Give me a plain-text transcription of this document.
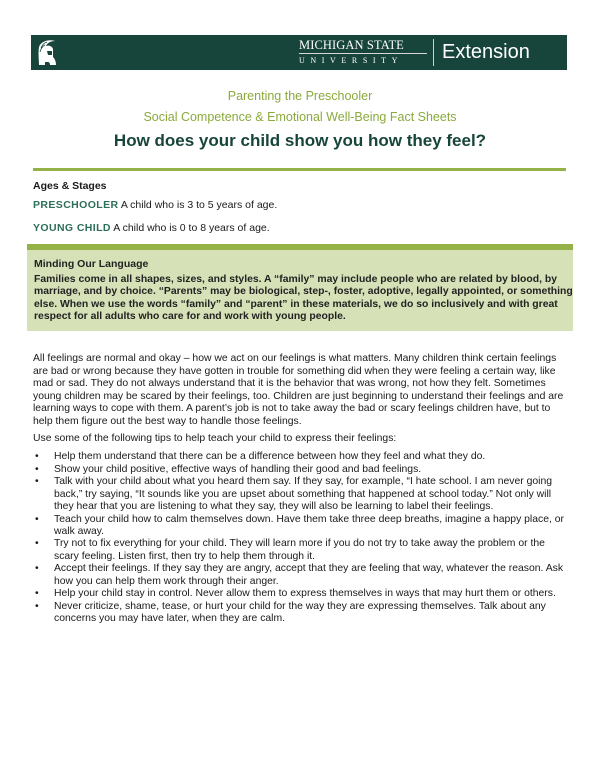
MICHIGAN STATE
UNIVERSITY	Extension
Parenting the Preschooler
Social Competence & Emotional Well-Being Fact Sheets
How does your child show you how they feel?
Ages & Stages
PRESCHOOLER A child who is 3 to 5 years of age.
YOUNG CHILD A child who is 0 to 8 years of age.
Minding Our Language
Families come in all shapes, sizes, and styles. A “family” may include people who are related by blood, by marriage, and by choice. “Parents” may be biological, step-, foster, adoptive, legally appointed, or something else. When we use the words “family” and “parent” in these materials, we do so inclusively and with great respect for all adults who care for and work with young people.
All feelings are normal and okay – how we act on our feelings is what matters. Many children think certain feelings are bad or wrong because they have gotten in trouble for something did when they were feeling a certain way, like mad or sad. They do not always understand that it is the behavior that was wrong, not how they felt. Sometimes young children may be scared by their feelings, too. Children are just beginning to understand their feelings and are learning ways to cope with them. A parent’s job is not to take away the bad or scary feelings children have, but to help them figure out the best way to handle those feelings.
Use some of the following tips to help teach your child to express their feelings:
• Help them understand that there can be a difference between how they feel and what they do.
• Show your child positive, effective ways of handling their good and bad feelings.
• Talk with your child about what you heard them say. If they say, for example, “I hate school. I am never going back,” try saying, “It sounds like you are upset about something that happened at school today.” Not only will they hear that you are listening to what they say, they will also be learning to label their feelings.
• Teach your child how to calm themselves down. Have them take three deep breaths, imagine a happy place, or walk away.
• Try not to fix everything for your child. They will learn more if you do not try to take away the problem or the scary feeling. Listen first, then try to help them through it.
• Accept their feelings. If they say they are angry, accept that they are feeling that way, whatever the reason. Ask how you can help them work through their anger.
• Help your child stay in control. Never allow them to express themselves in ways that may hurt them or others.
• Never criticize, shame, tease, or hurt your child for the way they are expressing themselves. Talk about any concerns you may have later, when they are calm.
